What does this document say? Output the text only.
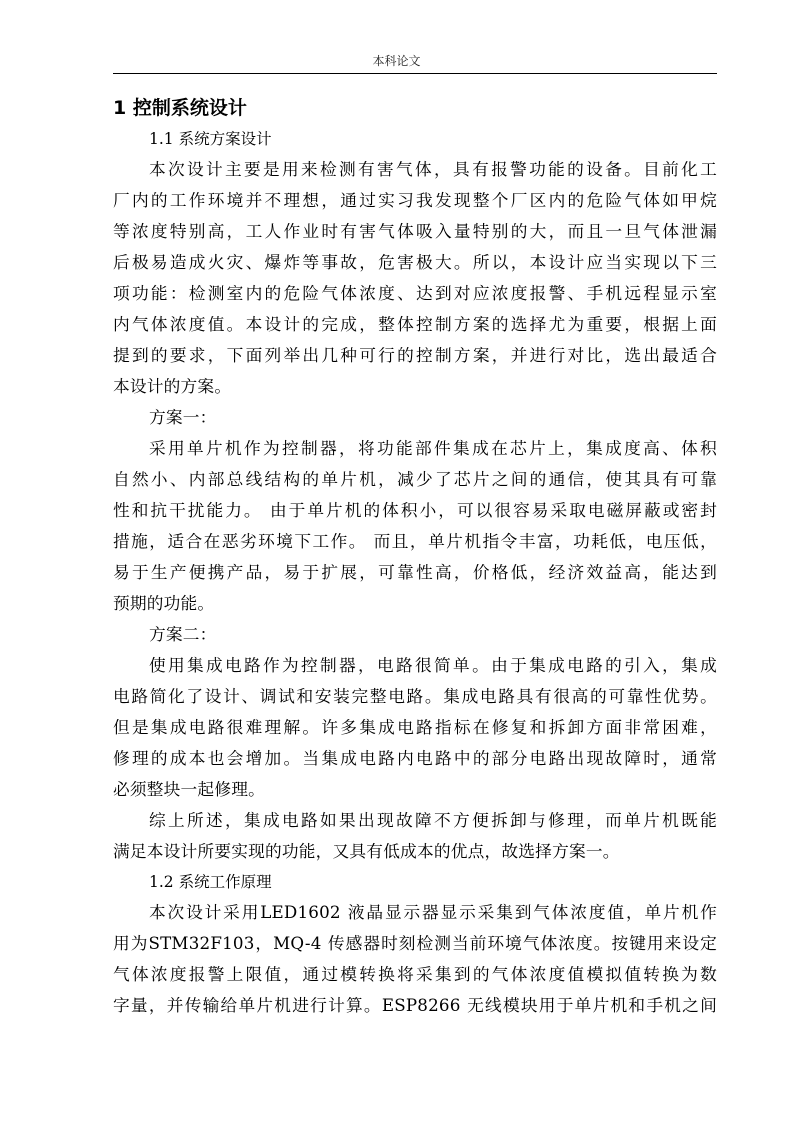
本科论文
1 控制系统设计
1.1 系统方案设计
本次设计主要是用来检测有害气体，具有报警功能的设备。目前化工
厂内的工作环境并不理想，通过实习我发现整个厂区内的危险气体如甲烷
等浓度特别高，工人作业时有害气体吸入量特别的大，而且一旦气体泄漏
后极易造成火灾、爆炸等事故，危害极大。所以，本设计应当实现以下三
项功能：检测室内的危险气体浓度、达到对应浓度报警、手机远程显示室
内气体浓度值。本设计的完成，整体控制方案的选择尤为重要，根据上面
提到的要求，下面列举出几种可行的控制方案，并进行对比，选出最适合
本设计的方案。
方案一：
采用单片机作为控制器，将功能部件集成在芯片上，集成度高、体积
自然小、内部总线结构的单片机，减少了芯片之间的通信，使其具有可靠
性和抗干扰能力。 由于单片机的体积小，可以很容易采取电磁屏蔽或密封
措施，适合在恶劣环境下工作。 而且，单片机指令丰富，功耗低，电压低，
易于生产便携产品，易于扩展，可靠性高，价格低，经济效益高，能达到
预期的功能。
方案二：
使用集成电路作为控制器，电路很简单。由于集成电路的引入，集成
电路简化了设计、调试和安装完整电路。集成电路具有很高的可靠性优势。
但是集成电路很难理解。许多集成电路指标在修复和拆卸方面非常困难，
修理的成本也会增加。当集成电路内电路中的部分电路出现故障时，通常
必须整块一起修理。
综上所述，集成电路如果出现故障不方便拆卸与修理，而单片机既能
满足本设计所要实现的功能，又具有低成本的优点，故选择方案一。
1.2 系统工作原理
本次设计采用LED1602 液晶显示器显示采集到气体浓度值，单片机作
用为STM32F103，MQ-4 传感器时刻检测当前环境气体浓度。按键用来设定
气体浓度报警上限值，通过模转换将采集到的气体浓度值模拟值转换为数
字量，并传输给单片机进行计算。ESP8266 无线模块用于单片机和手机之间
